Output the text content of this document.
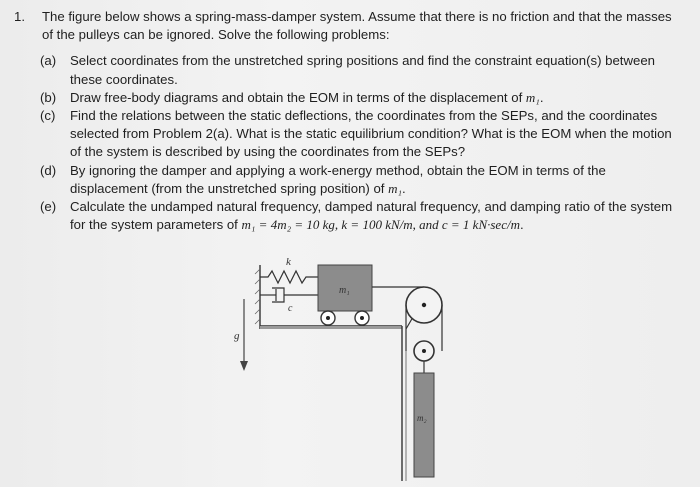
1. The figure below shows a spring-mass-damper system. Assume that there is no friction and that the masses of the pulleys can be ignored. Solve the following problems:
(a) Select coordinates from the unstretched spring positions and find the constraint equation(s) between these coordinates.
(b) Draw free-body diagrams and obtain the EOM in terms of the displacement of m₁.
(c) Find the relations between the static deflections, the coordinates from the SEPs, and the coordinates selected from Problem 2(a). What is the static equilibrium condition? What is the EOM when the motion of the system is described by using the coordinates from the SEPs?
(d) By ignoring the damper and applying a work-energy method, obtain the EOM in terms of the displacement (from the unstretched spring position) of m₁.
(e) Calculate the undamped natural frequency, damped natural frequency, and damping ratio of the system for the system parameters of m₁ = 4m₂ = 10 kg, k = 100 kN/m, and c = 1 kN·sec/m.
g
k
c
m₁
m₂
